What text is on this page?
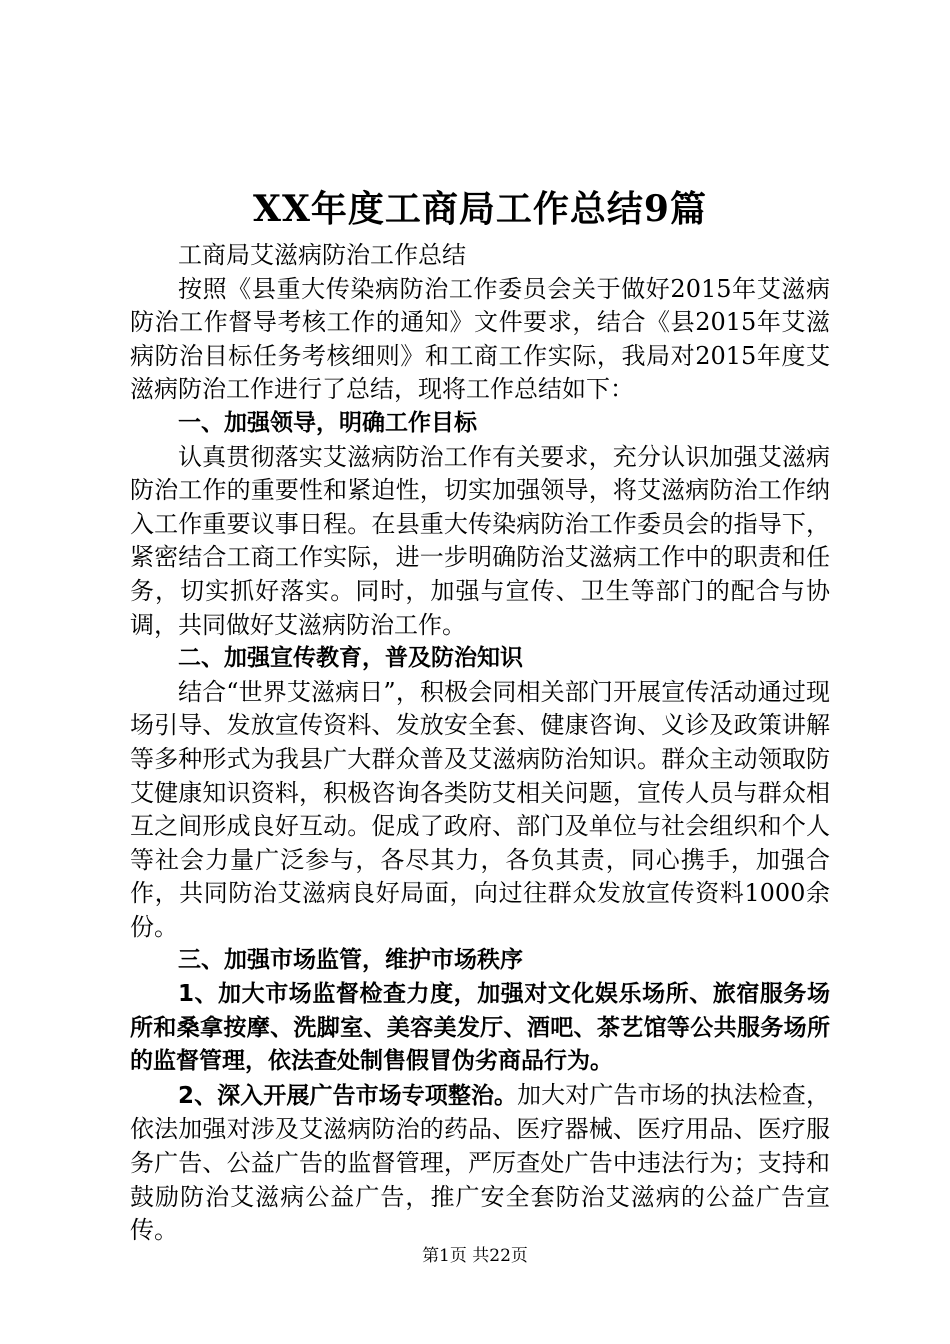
XX年度工商局工作总结9篇

工商局艾滋病防治工作总结

按照《县重大传染病防治工作委员会关于做好2015年艾滋病防治工作督导考核工作的通知》文件要求，结合《县2015年艾滋病防治目标任务考核细则》和工商工作实际，我局对2015年度艾滋病防治工作进行了总结，现将工作总结如下：

一、加强领导，明确工作目标

认真贯彻落实艾滋病防治工作有关要求，充分认识加强艾滋病防治工作的重要性和紧迫性，切实加强领导，将艾滋病防治工作纳入工作重要议事日程。在县重大传染病防治工作委员会的指导下，紧密结合工商工作实际，进一步明确防治艾滋病工作中的职责和任务，切实抓好落实。同时，加强与宣传、卫生等部门的配合与协调，共同做好艾滋病防治工作。

二、加强宣传教育，普及防治知识

结合“世界艾滋病日”，积极会同相关部门开展宣传活动通过现场引导、发放宣传资料、发放安全套、健康咨询、义诊及政策讲解等多种形式为我县广大群众普及艾滋病防治知识。群众主动领取防艾健康知识资料，积极咨询各类防艾相关问题，宣传人员与群众相互之间形成良好互动。促成了政府、部门及单位与社会组织和个人等社会力量广泛参与，各尽其力，各负其责，同心携手，加强合作，共同防治艾滋病良好局面，向过往群众发放宣传资料1000余份。

三、加强市场监管，维护市场秩序

1、加大市场监督检查力度，加强对文化娱乐场所、旅宿服务场所和桑拿按摩、洗脚室、美容美发厅、酒吧、茶艺馆等公共服务场所的监督管理，依法查处制售假冒伪劣商品行为。

2、深入开展广告市场专项整治。加大对广告市场的执法检查，依法加强对涉及艾滋病防治的药品、医疗器械、医疗用品、医疗服务广告、公益广告的监督管理，严厉查处广告中违法行为；支持和鼓励防治艾滋病公益广告，推广安全套防治艾滋病的公益广告宣传。

第1页 共22页
